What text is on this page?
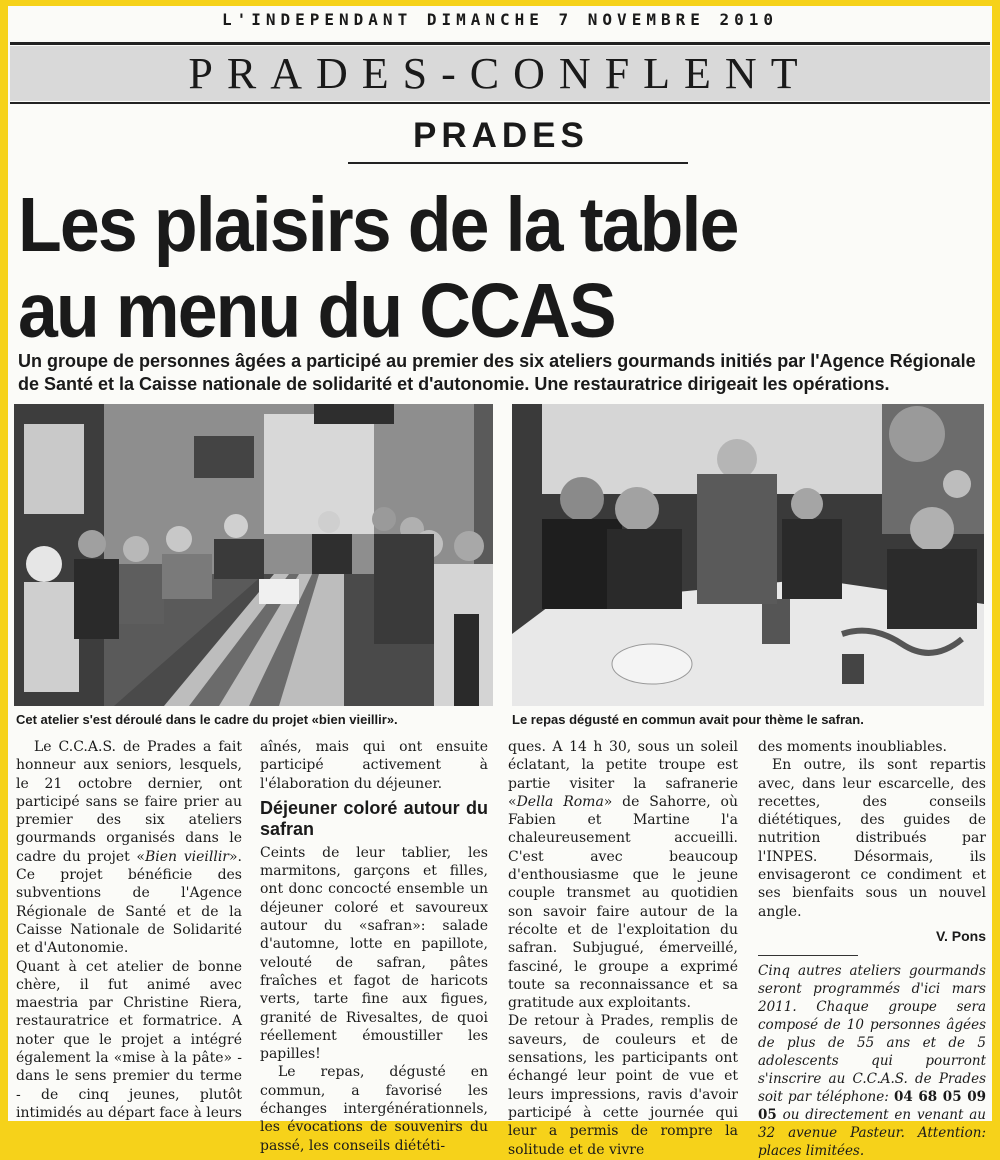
L'INDEPENDANT DIMANCHE 7 NOVEMBRE 2010
PRADES-CONFLENT
PRADES
Les plaisirs de la table
au menu du CCAS
Un groupe de personnes âgées a participé au premier des six ateliers gourmands initiés par l'Agence Régionale de Santé et la Caisse nationale de solidarité et d'autonomie. Une restauratrice dirigeait les opérations.
Cet atelier s'est déroulé dans le cadre du projet «bien vieillir».	Le repas dégusté en commun avait pour thème le safran.

Le C.C.A.S. de Prades a fait honneur aux seniors, lesquels, le 21 octobre dernier, ont participé sans se faire prier au premier des six ateliers gourmands organisés dans le cadre du projet «Bien vieillir». Ce projet bénéficie des subventions de l'Agence Régionale de Santé et de la Caisse Nationale de Solidarité et d'Autonomie.

Quant à cet atelier de bonne chère, il fut animé avec maestria par Christine Riera, restauratrice et formatrice. A noter que le projet a intégré également la «mise à la pâte» - dans le sens premier du terme - de cinq jeunes, plutôt intimidés au départ face à leurs

aînés, mais qui ont ensuite participé activement à l'élaboration du déjeuner.

Déjeuner coloré autour du safran

Ceints de leur tablier, les marmitons, garçons et filles, ont donc concocté ensemble un déjeuner coloré et savoureux autour du «safran»: salade d'automne, lotte en papillote, velouté de safran, pâtes fraîches et fagot de haricots verts, tarte fine aux figues, granité de Rivesaltes, de quoi réellement émoustiller les papilles!

Le repas, dégusté en commun, a favorisé les échanges intergénérationnels, les évocations de souvenirs du passé, les conseils diététi-

ques. A 14 h 30, sous un soleil éclatant, la petite troupe est partie visiter la safranerie «Della Roma» de Sahorre, où Fabien et Martine l'a chaleureusement accueilli. C'est avec beaucoup d'enthousiasme que le jeune couple transmet au quotidien son savoir faire autour de la récolte et de l'exploitation du safran. Subjugué, émerveillé, fasciné, le groupe a exprimé toute sa reconnaissance et sa gratitude aux exploitants.

De retour à Prades, remplis de saveurs, de couleurs et de sensations, les participants ont échangé leur point de vue et leurs impressions, ravis d'avoir participé à cette journée qui leur a permis de rompre la solitude et de vivre

des moments inoubliables.

En outre, ils sont repartis avec, dans leur escarcelle, des recettes, des conseils diététiques, des guides de nutrition distribués par l'INPES. Désormais, ils envisageront ce condiment et ses bienfaits sous un nouvel angle.

V. Pons

Cinq autres ateliers gourmands seront programmés d'ici mars 2011. Chaque groupe sera composé de 10 personnes âgées de plus de 55 ans et de 5 adolescents qui pourront s'inscrire au C.C.A.S. de Prades soit par téléphone: 04 68 05 09 05 ou directement en venant au 32 avenue Pasteur. Attention: places limitées.
